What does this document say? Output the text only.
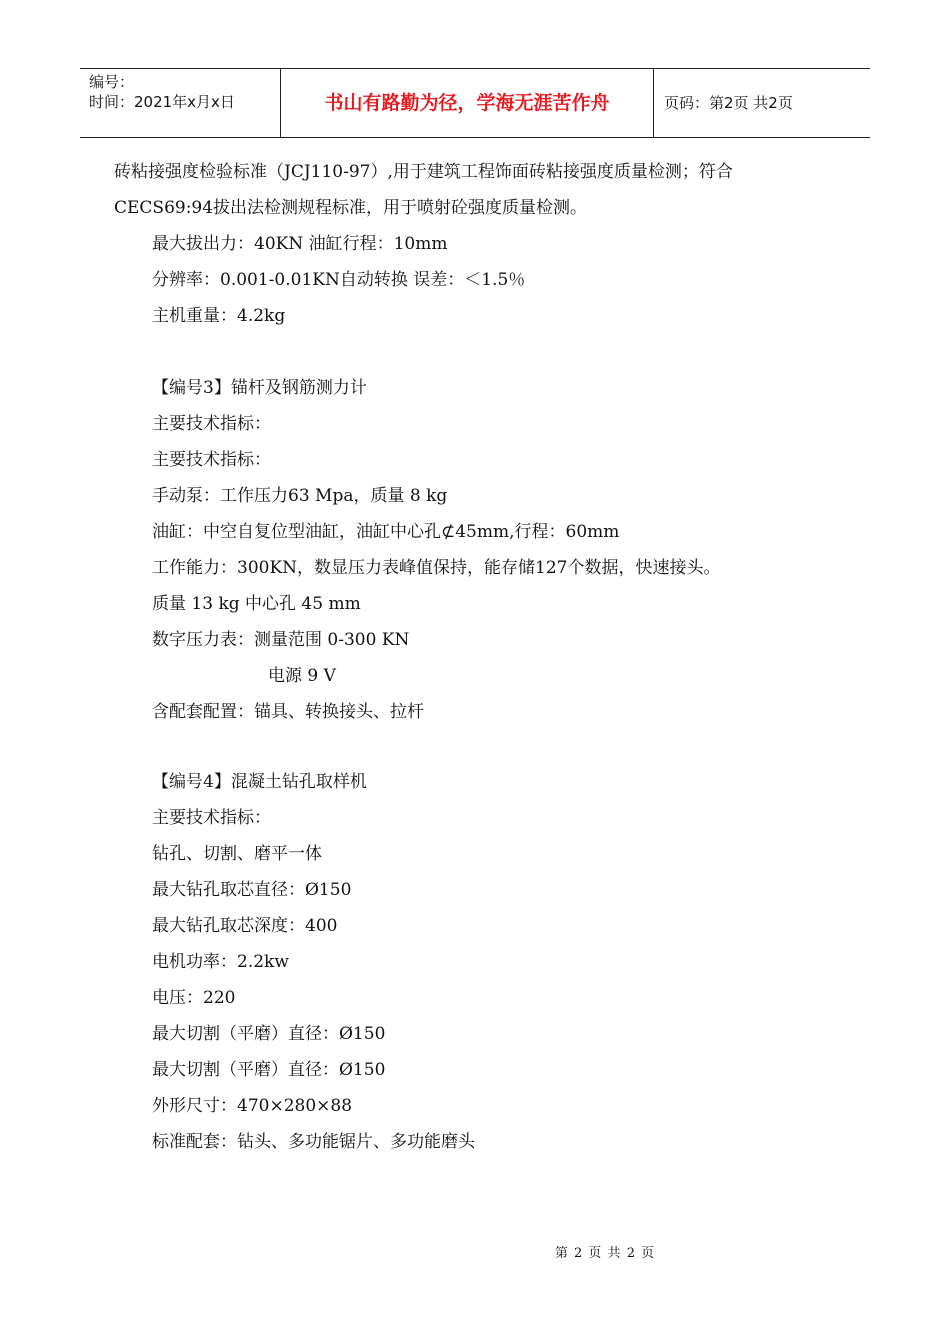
编号：
时间：2021年x月x日	书山有路勤为径，学海无涯苦作舟	页码：第2页 共2页
砖粘接强度检验标准（JCJ110-97）,用于建筑工程饰面砖粘接强度质量检测；符合
CECS69:94拔出法检测规程标准，用于喷射砼强度质量检测。
最大拔出力：40KN 油缸行程：10mm
分辨率：0.001-0.01KN自动转换 误差：＜1.5％
主机重量：4.2kg
【编号3】锚杆及钢筋测力计
主要技术指标：
主要技术指标：
手动泵：工作压力63 Mpa，质量 8 kg
油缸：中空自复位型油缸，油缸中心孔⊄45mm,行程：60mm
工作能力：300KN，数显压力表峰值保持，能存储127个数据，快速接头。
质量 13 kg 中心孔 45 mm
数字压力表：测量范围 0-300 KN
电源 9 V
含配套配置：锚具、转换接头、拉杆
【编号4】混凝土钻孔取样机
主要技术指标：
钻孔、切割、磨平一体
最大钻孔取芯直径：Ø150
最大钻孔取芯深度：400
电机功率：2.2kw
电压：220
最大切割（平磨）直径：Ø150
最大切割（平磨）直径：Ø150
外形尺寸：470×280×88
标准配套：钻头、多功能锯片、多功能磨头
第 2 页 共 2 页
